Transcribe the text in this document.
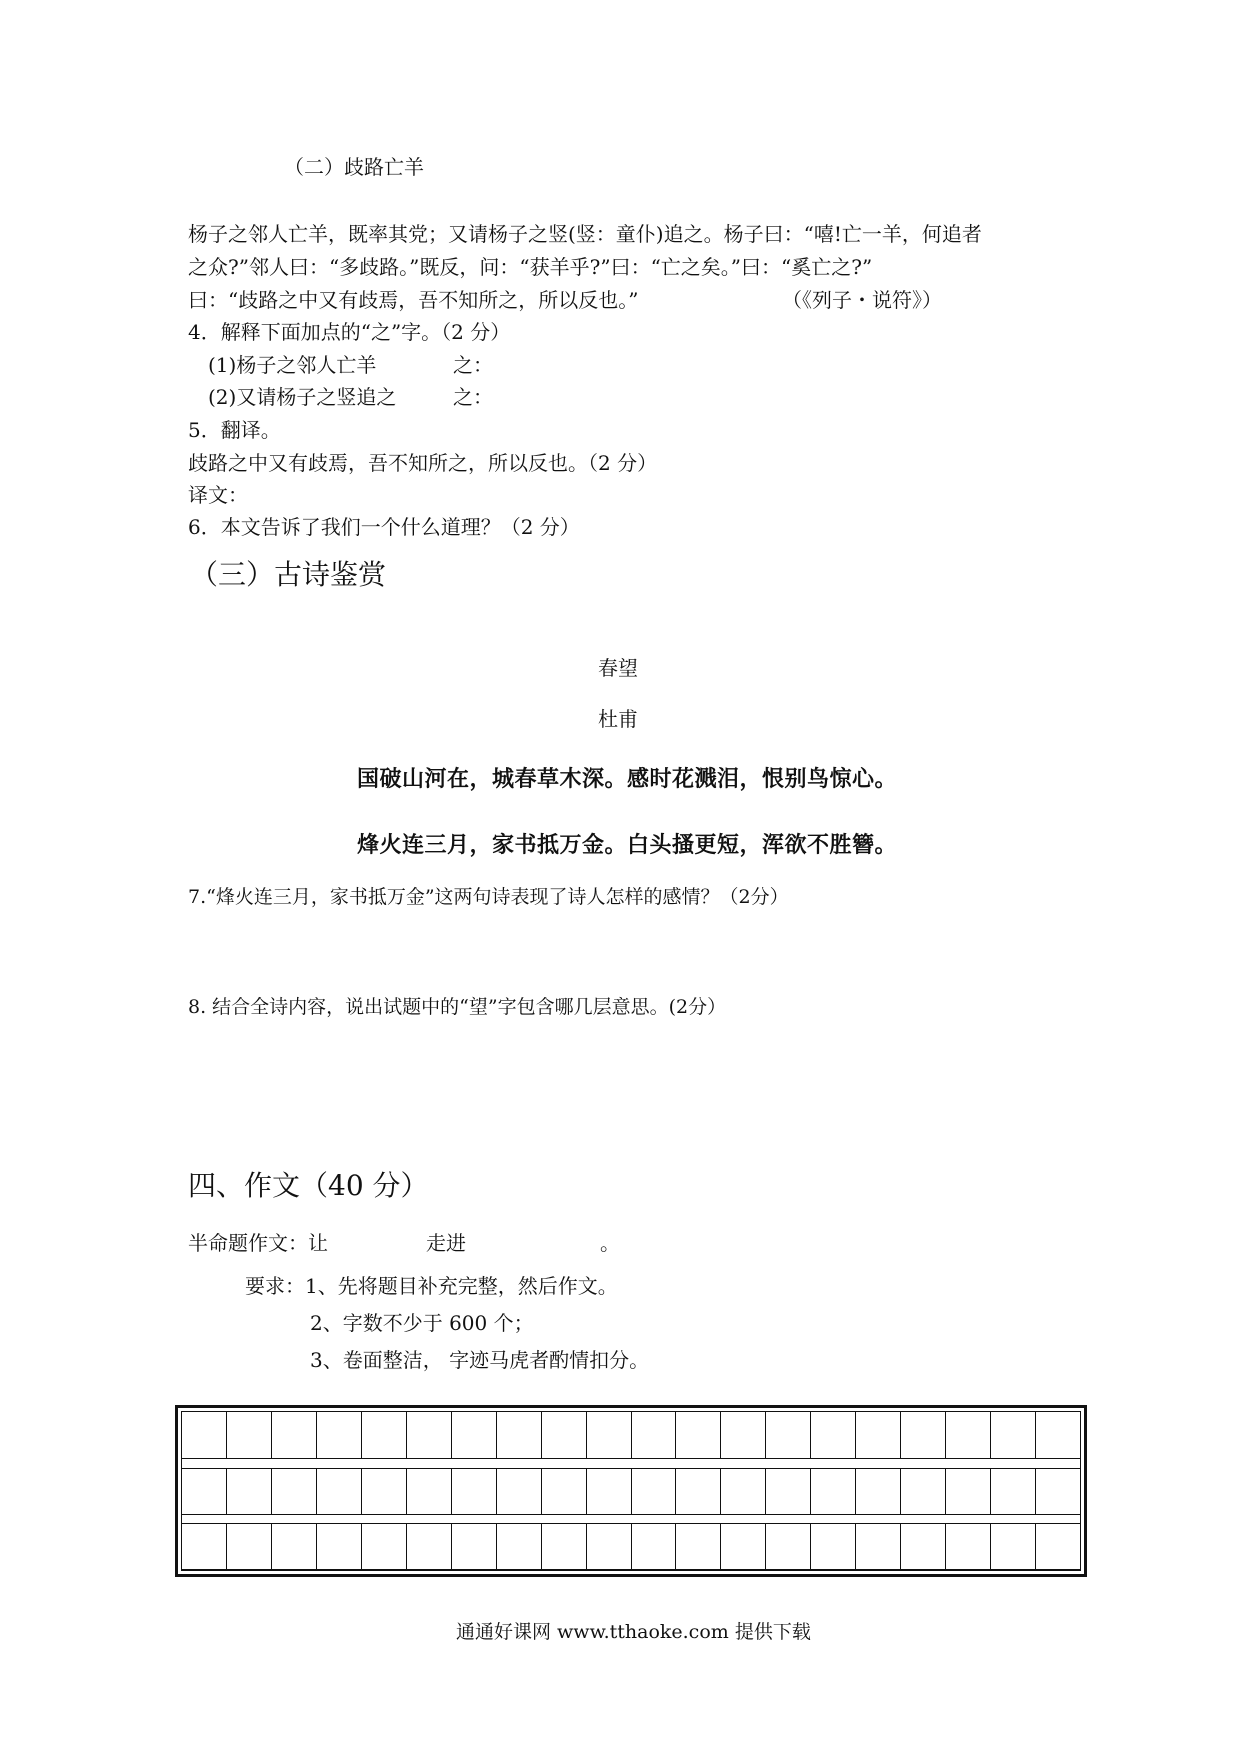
（二）歧路亡羊
杨子之邻人亡羊，既率其党；又请杨子之竖(竖：童仆)追之。杨子曰：“嘻!亡一羊，何追者
之众?”邻人曰：“多歧路。”既反，问：“获羊乎?”曰：“亡之矣。”曰：“奚亡之?”
曰：“歧路之中又有歧焉，吾不知所之，所以反也。”	（《列子・说符》）
4．解释下面加点的“之”字。（2 分）
(1)杨子之邻人亡羊	之：
(2)又请杨子之竖追之	之：
5．翻译。
歧路之中又有歧焉，吾不知所之，所以反也。（2 分）
译文：
6．本文告诉了我们一个什么道理？（2 分）
（三）古诗鉴赏
春望
杜甫
国破山河在，城春草木深。感时花溅泪，恨别鸟惊心。
烽火连三月，家书抵万金。白头搔更短，浑欲不胜簪。
7.“烽火连三月，家书抵万金”这两句诗表现了诗人怎样的感情？（2分）
8. 结合全诗内容，说出试题中的“望”字包含哪几层意思。(2分）
四、作文（40 分）
半命题作文：让	走进	。
要求：1、先将题目补充完整，然后作文。
2、字数不少于 600 个；
3、卷面整洁， 字迹马虎者酌情扣分。
通通好课网 www.tthaoke.com 提供下载
